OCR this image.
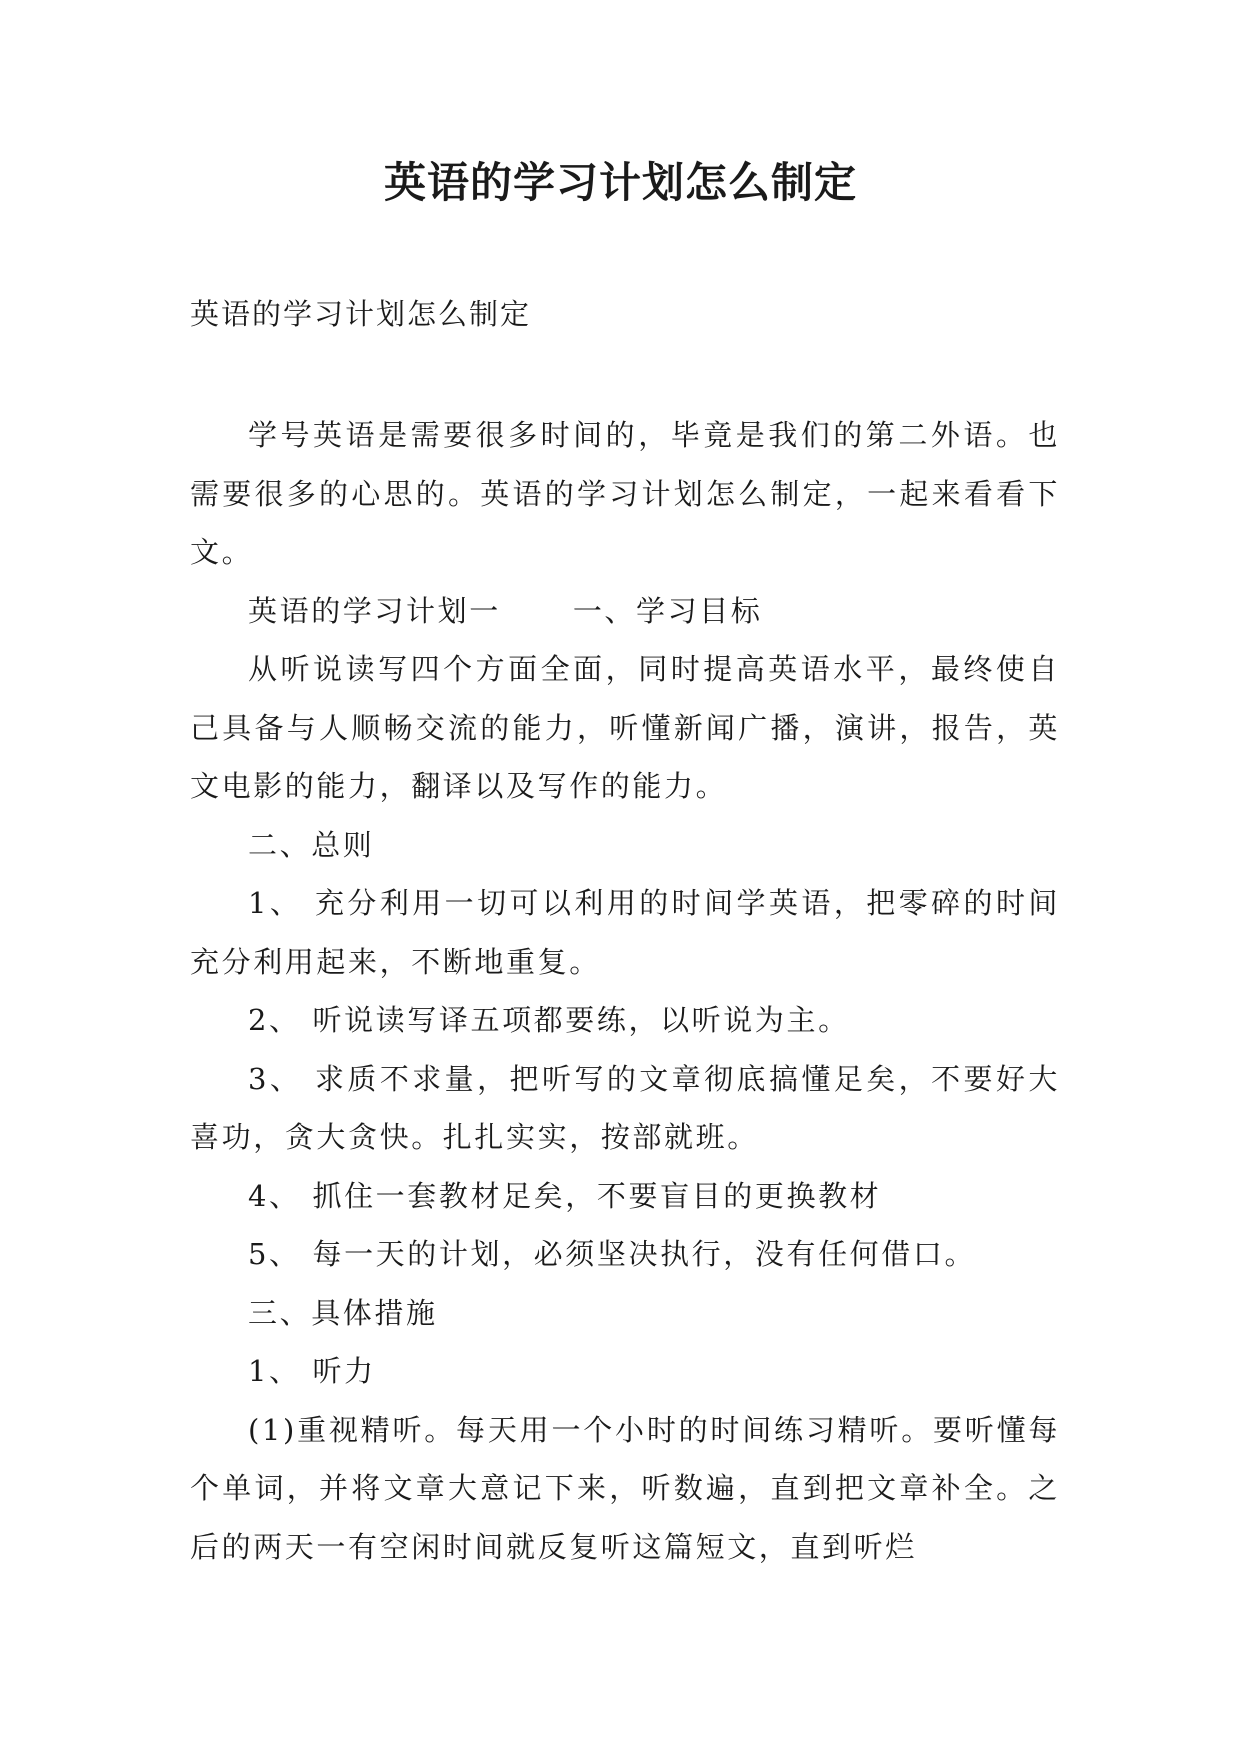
英语的学习计划怎么制定

英语的学习计划怎么制定

学号英语是需要很多时间的，毕竟是我们的第二外语。也需要很多的心思的。英语的学习计划怎么制定，一起来看看下文。

英语的学习计划一 一、学习目标

从听说读写四个方面全面，同时提高英语水平，最终使自己具备与人顺畅交流的能力，听懂新闻广播，演讲，报告，英文电影的能力，翻译以及写作的能力。

二、总则

1、 充分利用一切可以利用的时间学英语，把零碎的时间充分利用起来，不断地重复。

2、 听说读写译五项都要练，以听说为主。

3、 求质不求量，把听写的文章彻底搞懂足矣，不要好大喜功，贪大贪快。扎扎实实，按部就班。

4、 抓住一套教材足矣，不要盲目的更换教材

5、 每一天的计划，必须坚决执行，没有任何借口。

三、具体措施

1、 听力

(1)重视精听。每天用一个小时的时间练习精听。要听懂每个单词，并将文章大意记下来，听数遍，直到把文章补全。之后的两天一有空闲时间就反复听这篇短文，直到听烂
